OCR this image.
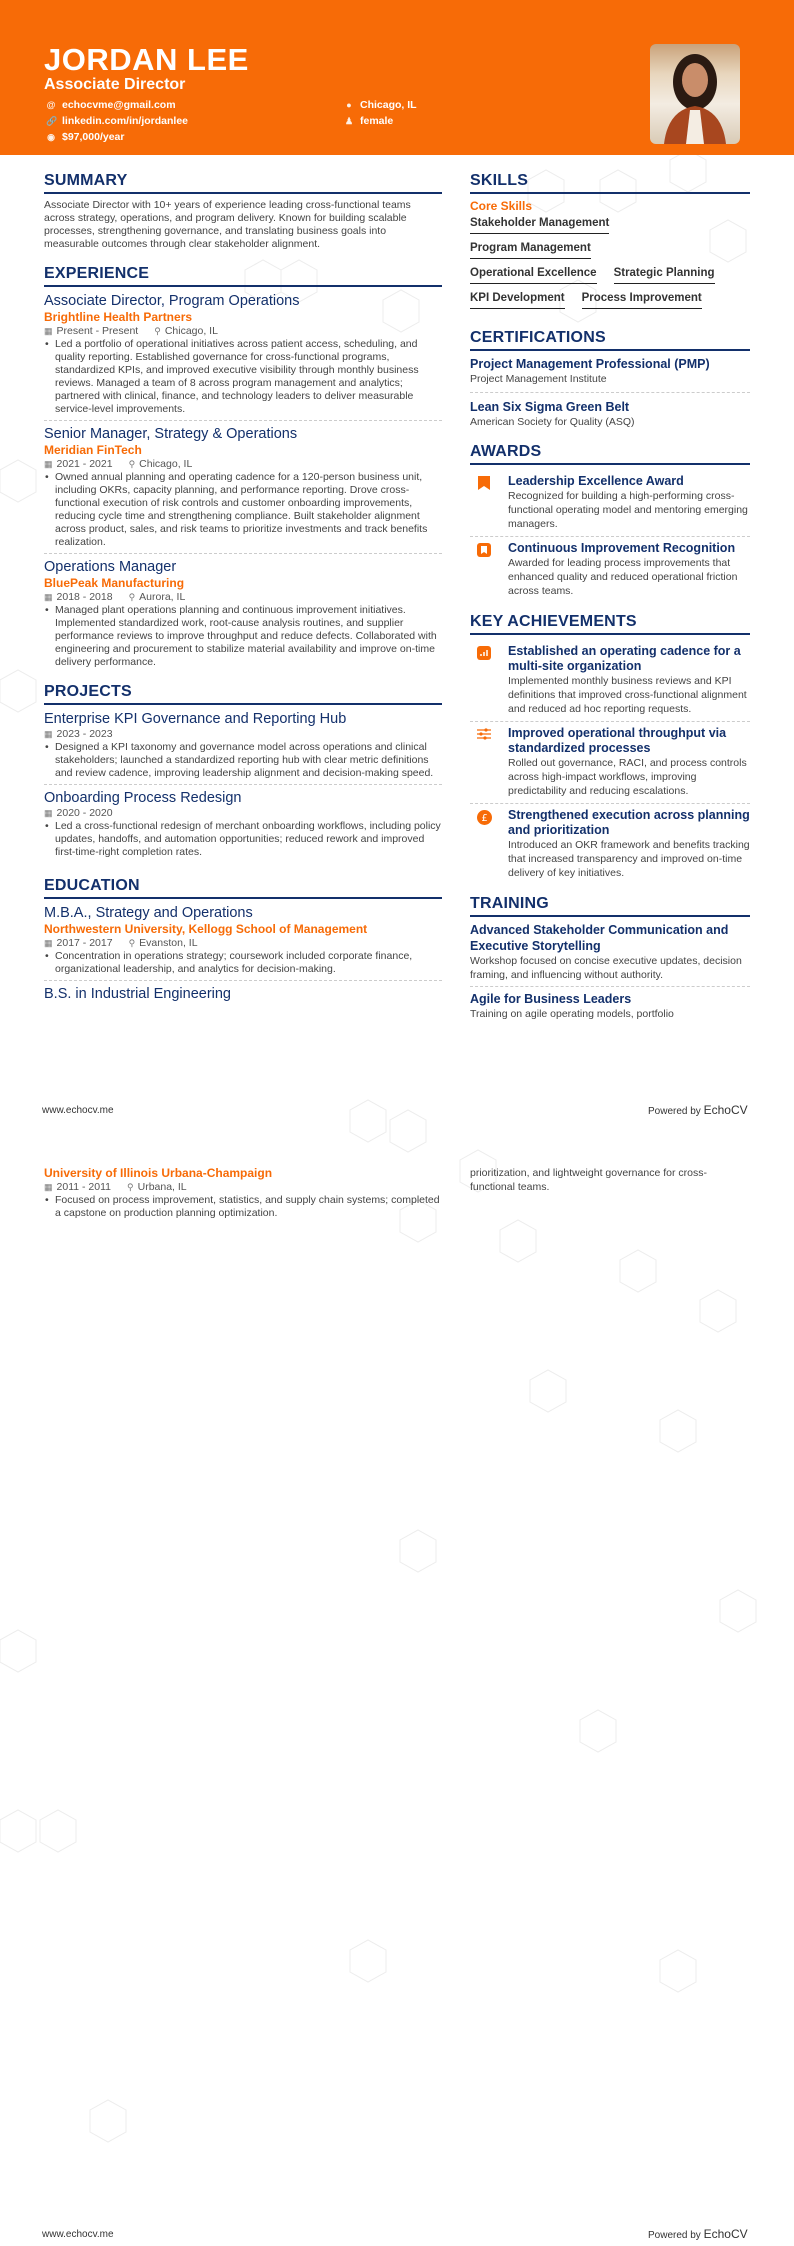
JORDAN LEE
Associate Director
@ echocvme@gmail.com
🔗 linkedin.com/in/jordanlee
◉ $97,000/year
● Chicago, IL
♟ female
SUMMARY

Associate Director with 10+ years of experience leading cross-functional teams across strategy, operations, and program delivery. Known for building scalable processes, strengthening governance, and translating business goals into measurable outcomes through clear stakeholder alignment.

EXPERIENCE
Associate Director, Program Operations
Brightline Health Partners
▦ Present - Present ⚲ Chicago, IL
• Led a portfolio of operational initiatives across patient access, scheduling, and quality reporting. Established governance for cross-functional programs, standardized KPIs, and improved executive visibility through monthly business reviews. Managed a team of 8 across program management and analytics; partnered with clinical, finance, and technology leaders to deliver measurable service-level improvements.
Senior Manager, Strategy & Operations
Meridian FinTech
▦ 2021 - 2021 ⚲ Chicago, IL
• Owned annual planning and operating cadence for a 120-person business unit, including OKRs, capacity planning, and performance reporting. Drove cross-functional execution of risk controls and customer onboarding improvements, reducing cycle time and strengthening compliance. Built stakeholder alignment across product, sales, and risk teams to prioritize investments and track benefits realization.
Operations Manager
BluePeak Manufacturing
▦ 2018 - 2018 ⚲ Aurora, IL
• Managed plant operations planning and continuous improvement initiatives. Implemented standardized work, root-cause analysis routines, and supplier performance reviews to improve throughput and reduce defects. Collaborated with engineering and procurement to stabilize material availability and improve on-time delivery performance.
PROJECTS
Enterprise KPI Governance and Reporting Hub
▦ 2023 - 2023
• Designed a KPI taxonomy and governance model across operations and clinical stakeholders; launched a standardized reporting hub with clear metric definitions and review cadence, improving leadership alignment and decision-making speed.
Onboarding Process Redesign
▦ 2020 - 2020
• Led a cross-functional redesign of merchant onboarding workflows, including policy updates, handoffs, and automation opportunities; reduced rework and improved first-time-right completion rates.
EDUCATION
M.B.A., Strategy and Operations
Northwestern University, Kellogg School of Management
▦ 2017 - 2017 ⚲ Evanston, IL
• Concentration in operations strategy; coursework included corporate finance, organizational leadership, and analytics for decision-making.
B.S. in Industrial Engineering
SKILLS
Core Skills
Stakeholder Management
Program Management
Operational Excellence Strategic Planning
KPI Development Process Improvement
CERTIFICATIONS
Project Management Professional (PMP)
Project Management Institute
Lean Six Sigma Green Belt
American Society for Quality (ASQ)
AWARDS
Leadership Excellence Award
Recognized for building a high-performing cross-functional operating model and mentoring emerging managers.
Continuous Improvement Recognition
Awarded for leading process improvements that enhanced quality and reduced operational friction across teams.
KEY ACHIEVEMENTS
Established an operating cadence for a multi-site organization
Implemented monthly business reviews and KPI definitions that improved cross-functional alignment and reduced ad hoc reporting requests.
Improved operational throughput via standardized processes
Rolled out governance, RACI, and process controls across high-impact workflows, improving predictability and reducing escalations.
£ Strengthened execution across planning and prioritization
Introduced an OKR framework and benefits tracking that increased transparency and improved on-time delivery of key initiatives.
TRAINING
Advanced Stakeholder Communication and Executive Storytelling
Workshop focused on concise executive updates, decision framing, and influencing without authority.
Agile for Business Leaders
Training on agile operating models, portfolio
www.echocv.me	Powered by EchoCV
University of Illinois Urbana-Champaign
▦ 2011 - 2011 ⚲ Urbana, IL
• Focused on process improvement, statistics, and supply chain systems; completed a capstone on production planning optimization.
prioritization, and lightweight governance for cross-functional teams.
www.echocv.me	Powered by EchoCV
